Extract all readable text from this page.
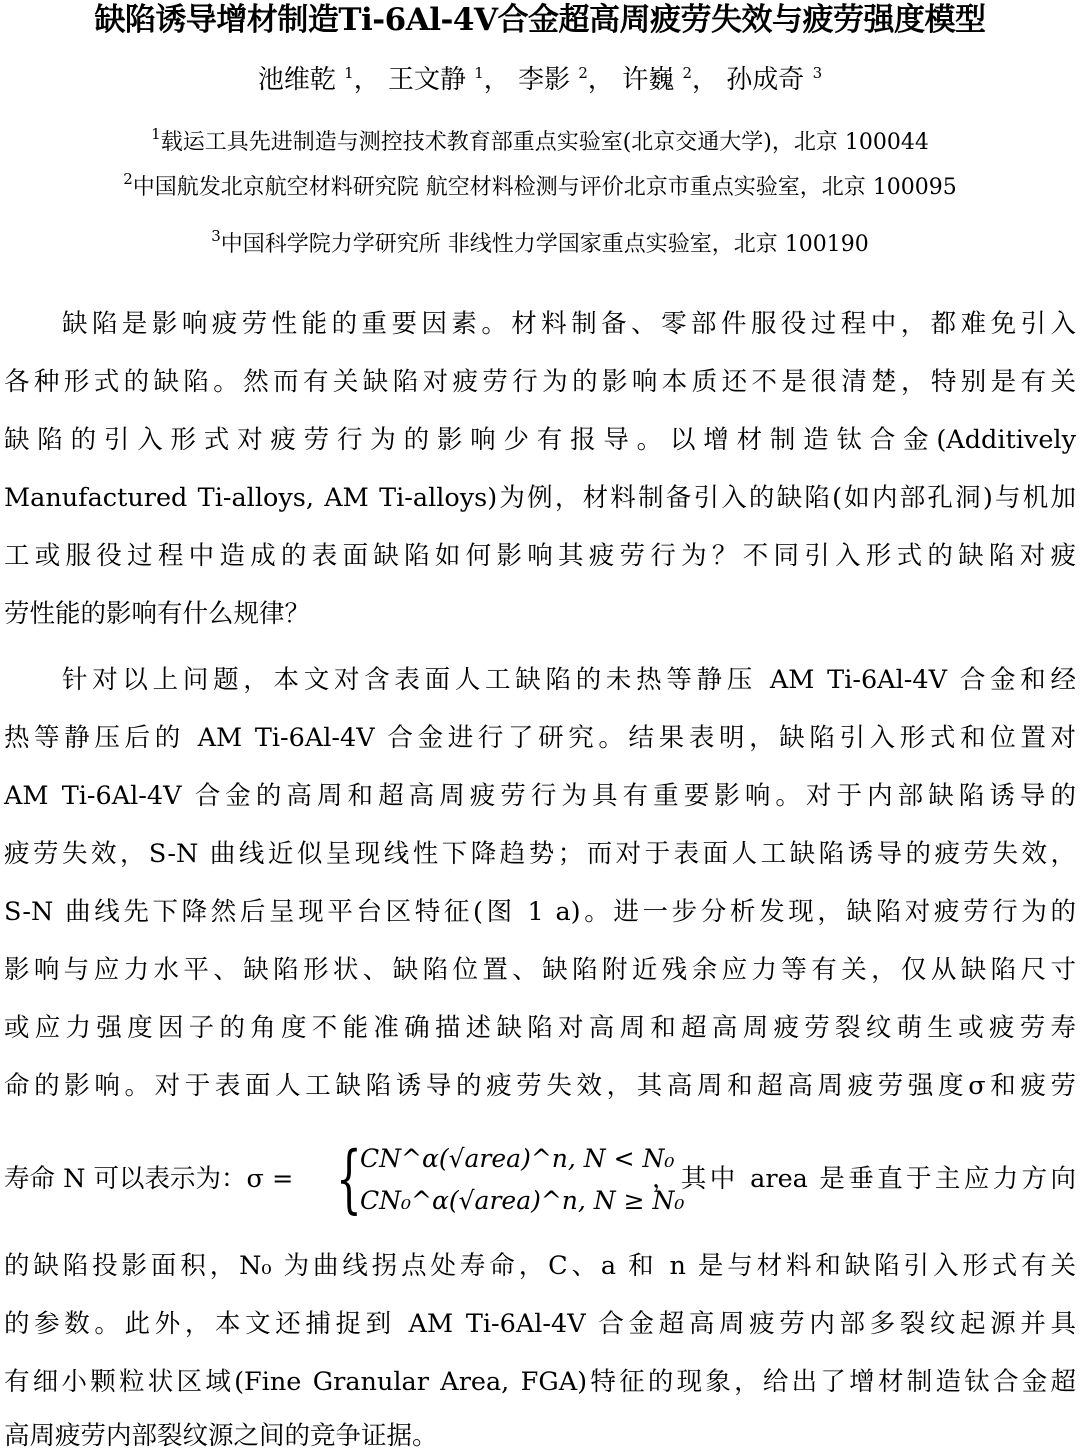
缺陷诱导增材制造Ti-6Al-4V合金超高周疲劳失效与疲劳强度模型
池维乾 $^1$， 王文静 $^1$， 李影 $^2$， 许巍 $^2$， 孙成奇 $^3$
$^1$载运工具先进制造与测控技术教育部重点实验室(北京交通大学)，北京 100044
$^2$中国航发北京航空材料研究院 航空材料检测与评价北京市重点实验室，北京 100095
$^3$中国科学院力学研究所 非线性力学国家重点实验室，北京 100190
缺陷是影响疲劳性能的重要因素。材料制备、零部件服役过程中，都难免引入
各种形式的缺陷。然而有关缺陷对疲劳行为的影响本质还不是很清楚，特别是有关
缺陷的引入形式对疲劳行为的影响少有报导。以增材制造钛合金(Additively
Manufactured Ti-alloys, AM Ti-alloys)为例，材料制备引入的缺陷(如内部孔洞)与机加
工或服役过程中造成的表面缺陷如何影响其疲劳行为？不同引入形式的缺陷对疲
劳性能的影响有什么规律？
针对以上问题，本文对含表面人工缺陷的未热等静压 AM Ti-6Al-4V 合金和经
热等静压后的 AM Ti-6Al-4V 合金进行了研究。结果表明，缺陷引入形式和位置对
AM Ti-6Al-4V 合金的高周和超高周疲劳行为具有重要影响。对于内部缺陷诱导的
疲劳失效，S-N 曲线近似呈现线性下降趋势；而对于表面人工缺陷诱导的疲劳失效，
S-N 曲线先下降然后呈现平台区特征(图 1 a)。进一步分析发现，缺陷对疲劳行为的
影响与应力水平、缺陷形状、缺陷位置、缺陷附近残余应力等有关，仅从缺陷尺寸
或应力强度因子的角度不能准确描述缺陷对高周和超高周疲劳裂纹萌生或疲劳寿
命的影响。对于表面人工缺陷诱导的疲劳失效，其高周和超高周疲劳强度σ和疲劳
寿命 N 可以表示为：σ = {
CN^α(√area)^n, N < N₀
CN₀^α(√area)^n, N ≥ N₀
，其中 area 是垂直于主应力方向
的缺陷投影面积，N₀ 为曲线拐点处寿命，C、a 和 n 是与材料和缺陷引入形式有关
的参数。此外，本文还捕捉到 AM Ti-6Al-4V 合金超高周疲劳内部多裂纹起源并具
有细小颗粒状区域(Fine Granular Area, FGA)特征的现象，给出了增材制造钛合金超
高周疲劳内部裂纹源之间的竞争证据。
